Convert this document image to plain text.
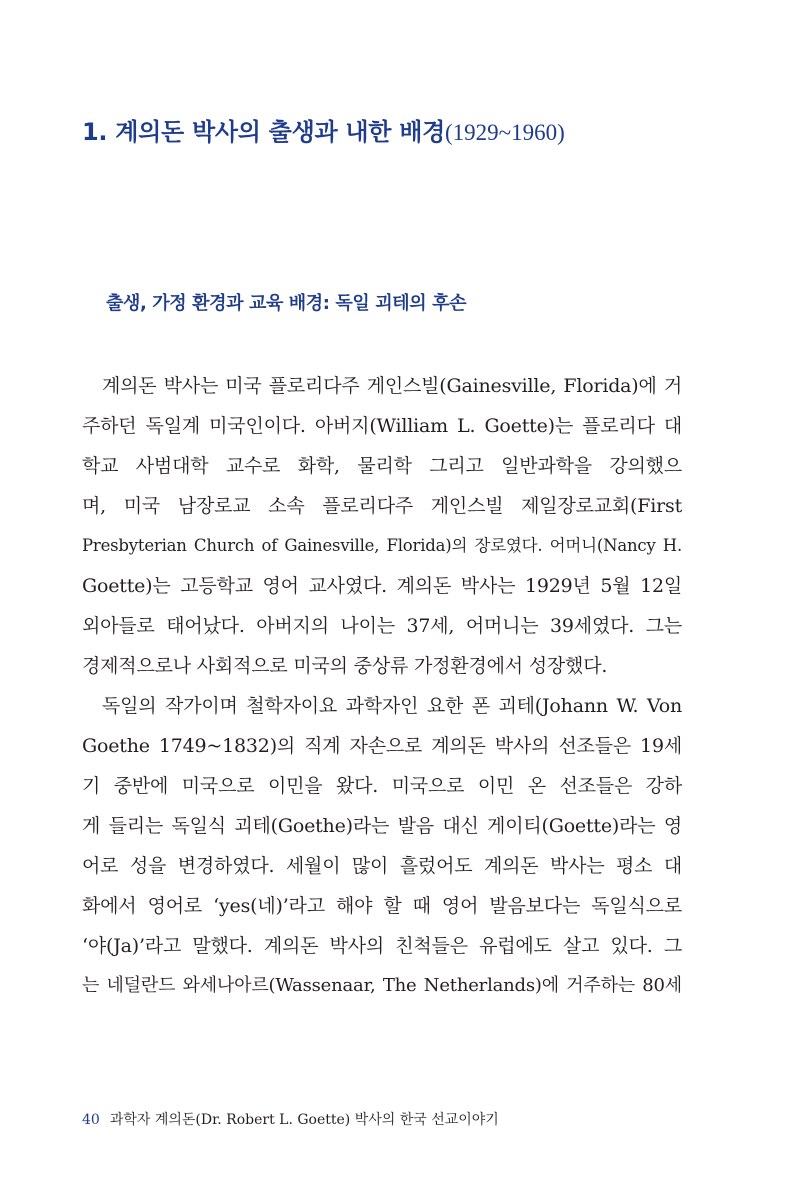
1. 계의돈 박사의 출생과 내한 배경(1929~1960)
출생, 가정 환경과 교육 배경: 독일 괴테의 후손
계의돈 박사는 미국 플로리다주 게인스빌(Gainesville, Florida)에 거
주하던 독일계 미국인이다. 아버지(William L. Goette)는 플로리다 대
학교 사범대학 교수로 화학, 물리학 그리고 일반과학을 강의했으
며, 미국 남장로교 소속 플로리다주 게인스빌 제일장로교회(First
Presbyterian Church of Gainesville, Florida)의 장로였다. 어머니(Nancy H.
Goette)는 고등학교 영어 교사였다. 계의돈 박사는 1929년 5월 12일
외아들로 태어났다. 아버지의 나이는 37세, 어머니는 39세였다. 그는
경제적으로나 사회적으로 미국의 중상류 가정환경에서 성장했다.
독일의 작가이며 철학자이요 과학자인 요한 폰 괴테(Johann W. Von
Goethe 1749~1832)의 직계 자손으로 계의돈 박사의 선조들은 19세
기 중반에 미국으로 이민을 왔다. 미국으로 이민 온 선조들은 강하
게 들리는 독일식 괴테(Goethe)라는 발음 대신 게이티(Goette)라는 영
어로 성을 변경하였다. 세월이 많이 흘렀어도 계의돈 박사는 평소 대
화에서 영어로 ‘yes(네)’라고 해야 할 때 영어 발음보다는 독일식으로
‘야(Ja)’라고 말했다. 계의돈 박사의 친척들은 유럽에도 살고 있다. 그
는 네덜란드 와세나아르(Wassenaar, The Netherlands)에 거주하는 80세
40 과학자 계의돈(Dr. Robert L. Goette) 박사의 한국 선교이야기
